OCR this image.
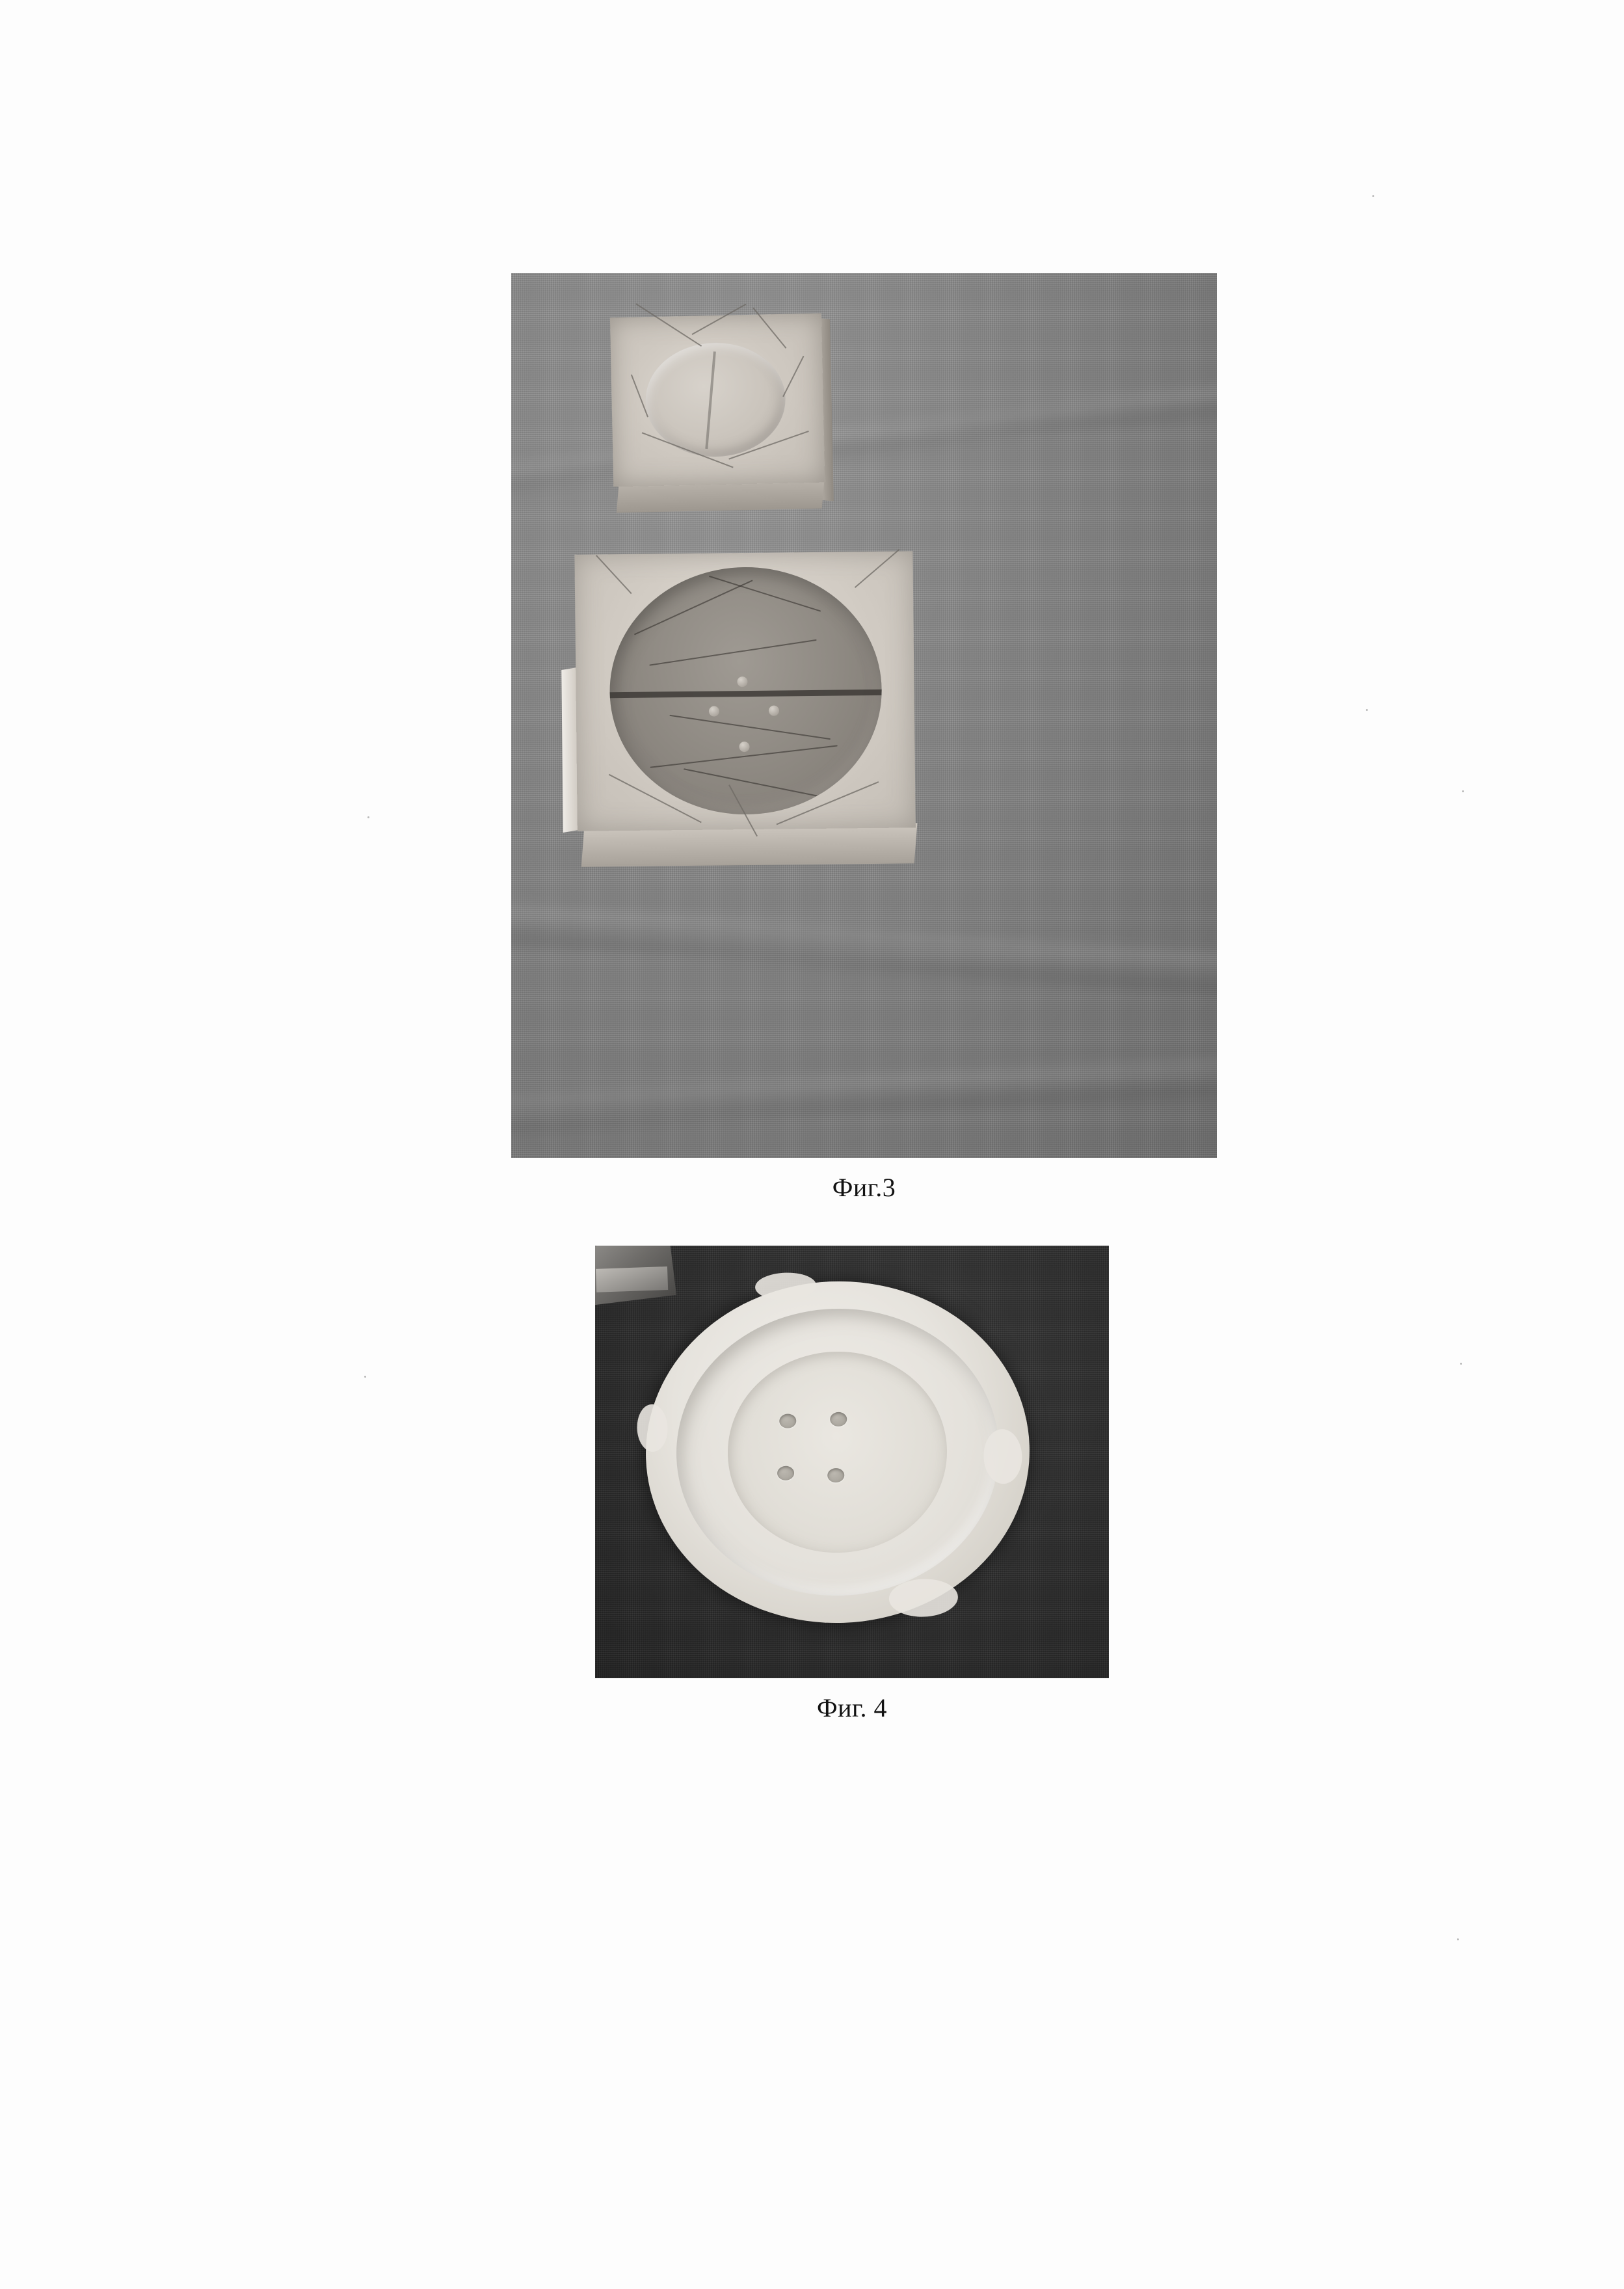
Фиг.3
Фиг. 4
